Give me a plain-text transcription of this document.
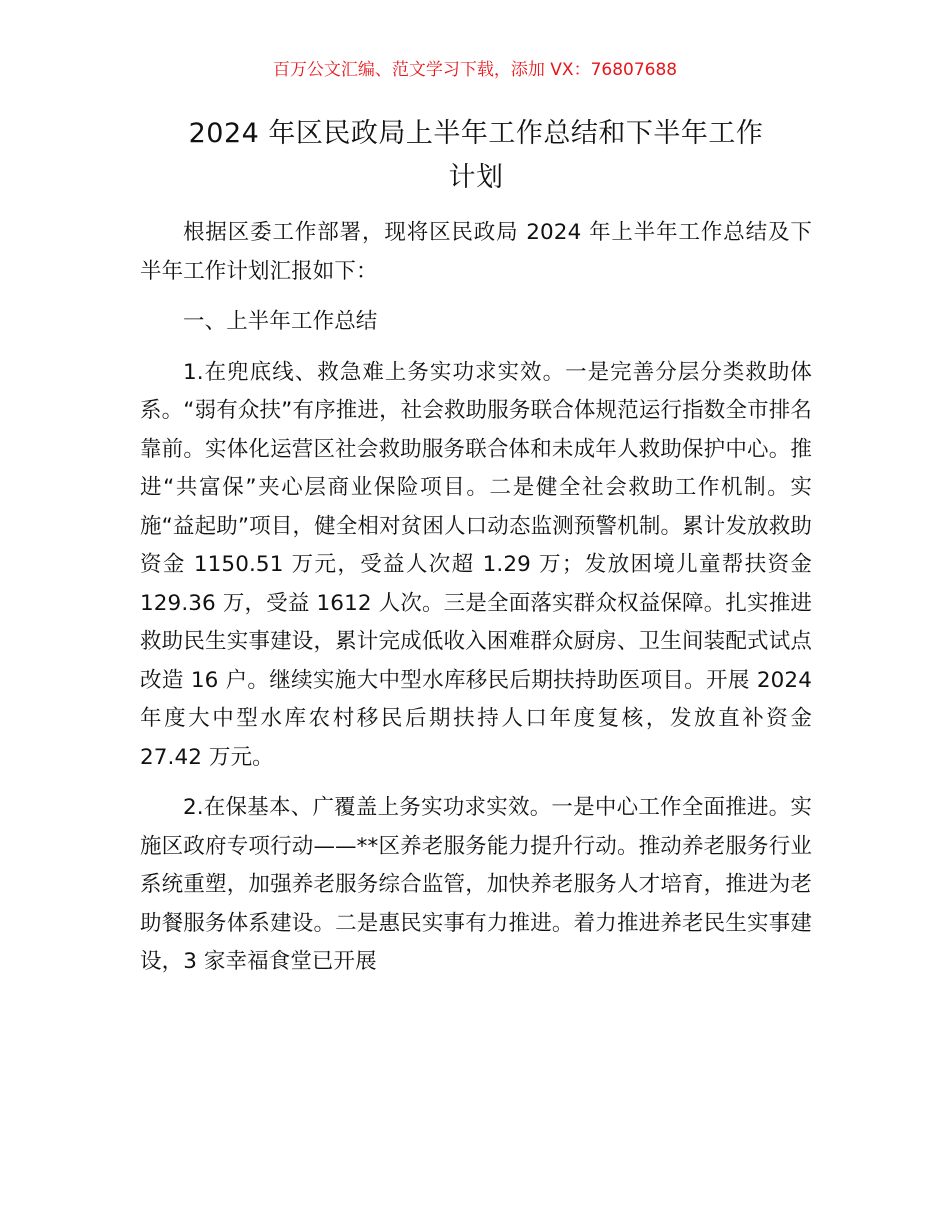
百万公文汇编、范文学习下载，添加 VX：76807688
2024 年区民政局上半年工作总结和下半年工作
计划

根据区委工作部署，现将区民政局 2024 年上半年工作总结及下半年工作计划汇报如下：

一、上半年工作总结

1.在兜底线、救急难上务实功求实效。一是完善分层分类救助体系。“弱有众扶”有序推进，社会救助服务联合体规范运行指数全市排名靠前。实体化运营区社会救助服务联合体和未成年人救助保护中心。推进“共富保”夹心层商业保险项目。二是健全社会救助工作机制。实施“益起助”项目，健全相对贫困人口动态监测预警机制。累计发放救助资金 1150.51 万元，受益人次超 1.29 万；发放困境儿童帮扶资金 129.36 万，受益 1612 人次。三是全面落实群众权益保障。扎实推进救助民生实事建设，累计完成低收入困难群众厨房、卫生间装配式试点改造 16 户。继续实施大中型水库移民后期扶持助医项目。开展 2024 年度大中型水库农村移民后期扶持人口年度复核，发放直补资金 27.42 万元。

2.在保基本、广覆盖上务实功求实效。一是中心工作全面推进。实施区政府专项行动——**区养老服务能力提升行动。推动养老服务行业系统重塑，加强养老服务综合监管，加快养老服务人才培育，推进为老助餐服务体系建设。二是惠民实事有力推进。着力推进养老民生实事建设，3 家幸福食堂已开展
